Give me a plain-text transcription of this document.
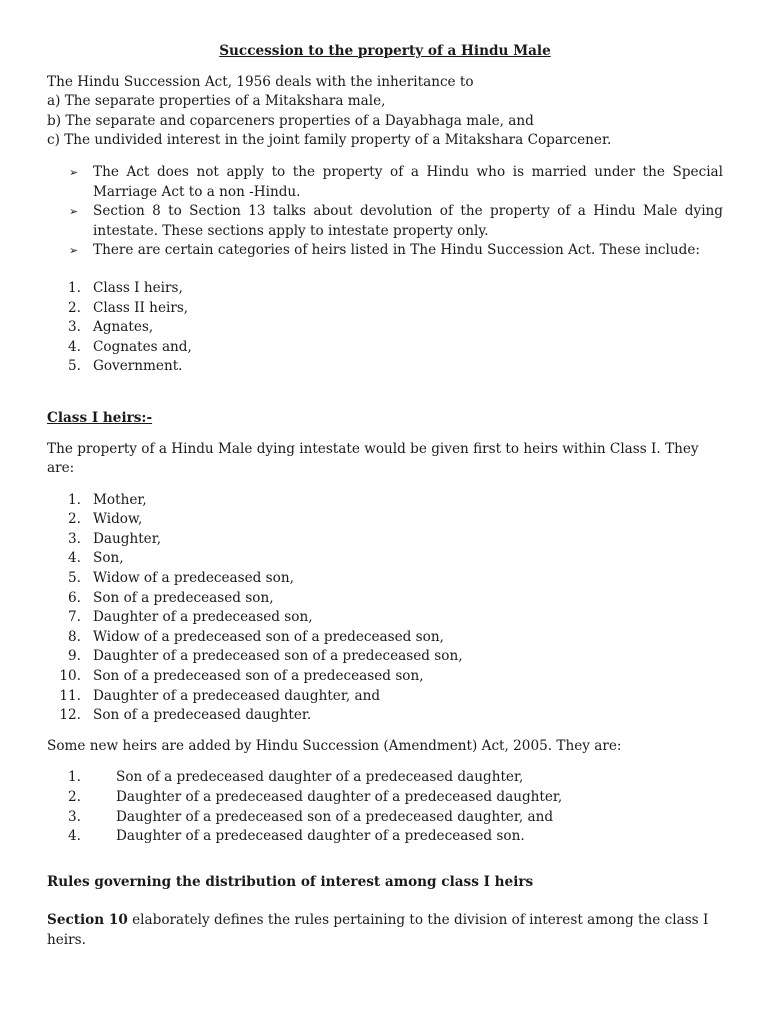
Succession to the property of a Hindu Male

The Hindu Succession Act, 1956 deals with the inheritance to

a) The separate properties of a Mitakshara male,

b) The separate and coparceners properties of a Dayabhaga male, and

c) The undivided interest in the joint family property of a Mitakshara Coparcener.

➢ The Act does not apply to the property of a Hindu who is married under the Special Marriage Act to a non -Hindu.
➢ Section 8 to Section 13 talks about devolution of the property of a Hindu Male dying intestate. These sections apply to intestate property only.
➢ There are certain categories of heirs listed in The Hindu Succession Act. These include:
1. Class I heirs,
2. Class II heirs,
3. Agnates,
4. Cognates and,
5. Government.

Class I heirs:-

The property of a Hindu Male dying intestate would be given first to heirs within Class I. They are:

1. Mother,
2. Widow,
3. Daughter,
4. Son,
5. Widow of a predeceased son,
6. Son of a predeceased son,
7. Daughter of a predeceased son,
8. Widow of a predeceased son of a predeceased son,
9. Daughter of a predeceased son of a predeceased son,
10. Son of a predeceased son of a predeceased son,
11. Daughter of a predeceased daughter, and
12. Son of a predeceased daughter.

Some new heirs are added by Hindu Succession (Amendment) Act, 2005. They are:

1.	Son of a predeceased daughter of a predeceased daughter,
2.	Daughter of a predeceased daughter of a predeceased daughter,
3.	Daughter of a predeceased son of a predeceased daughter, and
4.	Daughter of a predeceased daughter of a predeceased son.

Rules governing the distribution of interest among class I heirs

Section 10 elaborately defines the rules pertaining to the division of interest among the class I heirs.
